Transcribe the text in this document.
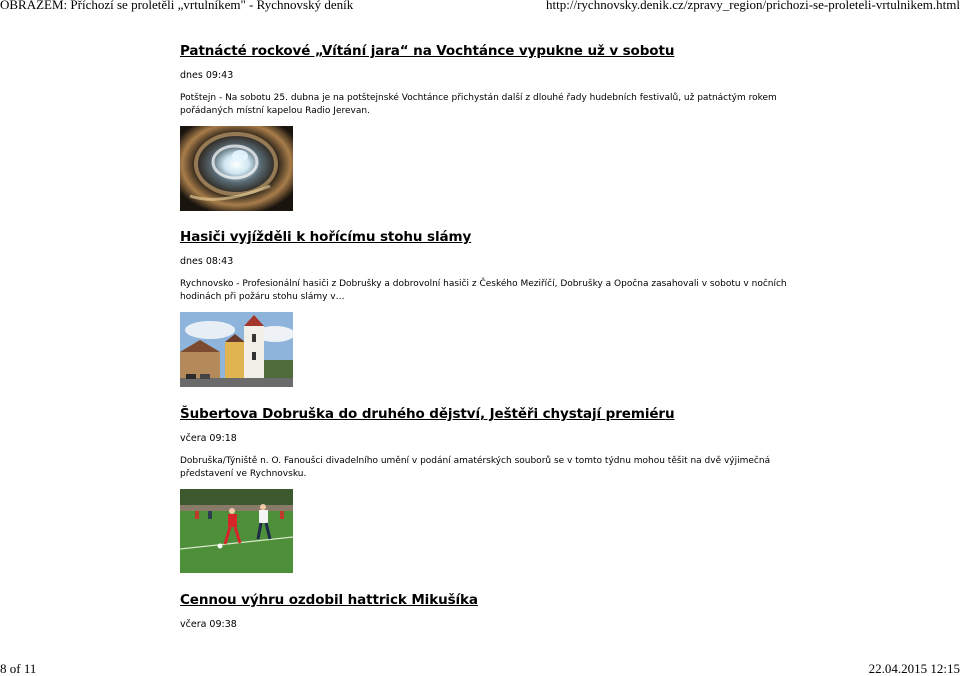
OBRAZEM: Příchozí se proletěli „vrtulníkem" - Rychnovský deník	http://rychnovsky.denik.cz/zpravy_region/prichozi-se-proleteli-vrtulnikem.html
Patnácté rockové „Vítání jara“ na Vochtánce vypukne už v sobotu
dnes 09:43
Potštejn - Na sobotu 25. dubna je na potštejnské Vochtánce přichystán další z dlouhé řady hudebních festivalů, už patnáctým rokem pořádaných místní kapelou Radio Jerevan.
Hasiči vyjížděli k hořícímu stohu slámy
dnes 08:43
Rychnovsko - Profesionální hasiči z Dobrušky a dobrovolní hasiči z Českého Meziříčí, Dobrušky a Opočna zasahovali v sobotu v nočních hodinách při požáru stohu slámy v…
Šubertova Dobruška do druhého dějství, Ještěři chystají premiéru
včera 09:18
Dobruška/Týniště n. O. Fanoušci divadelního umění v podání amatérských souborů se v tomto týdnu mohou těšit na dvě výjimečná představení ve Rychnovsku.
Cennou výhru ozdobil hattrick Mikušíka
včera 09:38
8 of 11	22.04.2015 12:15
